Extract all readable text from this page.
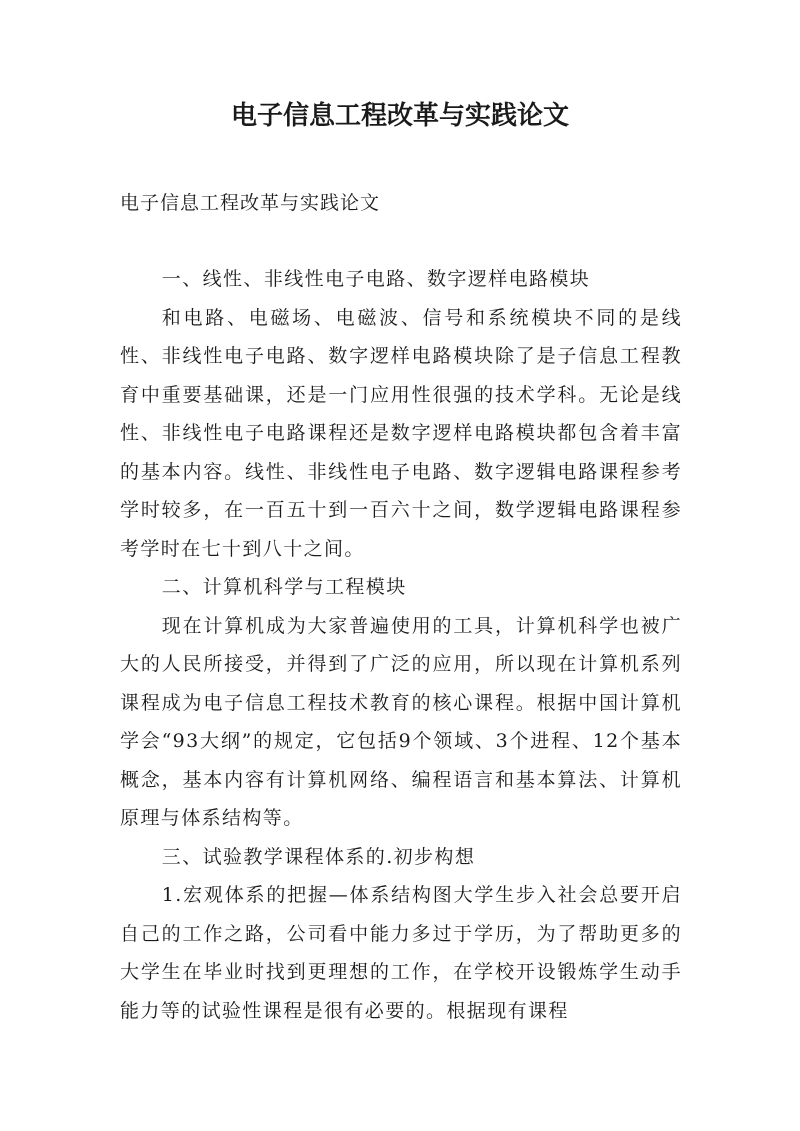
电子信息工程改革与实践论文
电子信息工程改革与实践论文

一、线性、非线性电子电路、数字逻样电路模块

和电路、电磁场、电磁波、信号和系统模块不同的是线性、非线性电子电路、数字逻样电路模块除了是子信息工程教育中重要基础课，还是一门应用性很强的技术学科。无论是线性、非线性电子电路课程还是数字逻样电路模块都包含着丰富的基本内容。线性、非线性电子电路、数字逻辑电路课程参考学时较多，在一百五十到一百六十之间，数学逻辑电路课程参考学时在七十到八十之间。

二、计算机科学与工程模块

现在计算机成为大家普遍使用的工具，计算机科学也被广大的人民所接受，并得到了广泛的应用，所以现在计算机系列课程成为电子信息工程技术教育的核心课程。根据中国计算机学会“93大纲”的规定，它包括9个领域、3个进程、12个基本概念，基本内容有计算机网络、编程语言和基本算法、计算机原理与体系结构等。

三、试验教学课程体系的.初步构想

1.宏观体系的把握—体系结构图大学生步入社会总要开启自己的工作之路，公司看中能力多过于学历，为了帮助更多的大学生在毕业时找到更理想的工作，在学校开设锻炼学生动手能力等的试验性课程是很有必要的。根据现有课程
